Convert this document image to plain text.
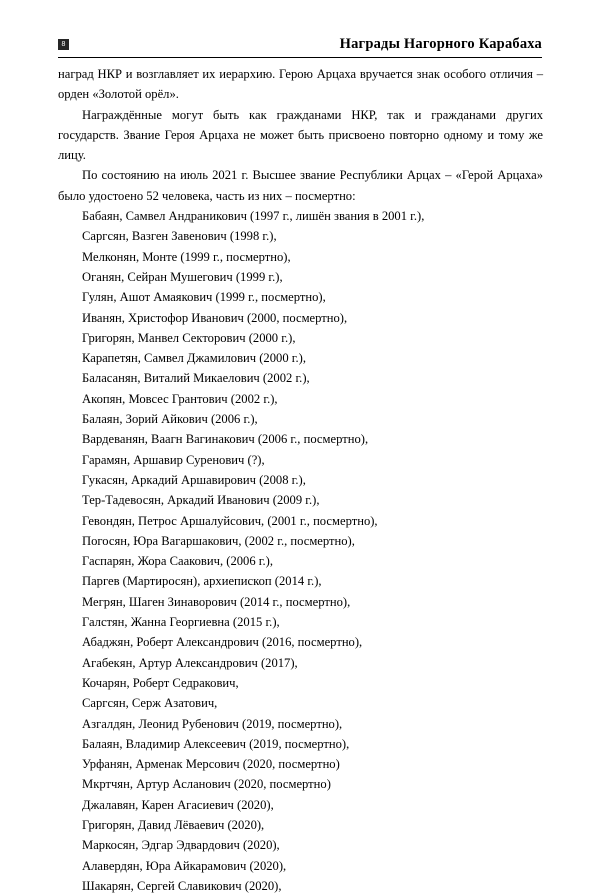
8	Награды Нагорного Карабаха

наград НКР и возглавляет их иерархию. Герою Арцаха вручается знак особого отличия – орден «Золотой орёл».

Награждённые могут быть как гражданами НКР, так и гражданами других государств. Звание Героя Арцаха не может быть присвоено повторно одному и тому же лицу.

По состоянию на июль 2021 г. Высшее звание Республики Арцах – «Герой Арцаха» было удостоено 52 человека, часть из них – посмертно:

Бабаян, Самвел Андраникович (1997 г., лишён звания в 2001 г.),
Саргсян, Вазген Завенович (1998 г.),
Мелконян, Монте (1999 г., посмертно),
Оганян, Сейран Мушегович (1999 г.),
Гулян, Ашот Амаякович (1999 г., посмертно),
Иванян, Христофор Иванович (2000, посмертно),
Григорян, Манвел Секторович (2000 г.),
Карапетян, Самвел Джамилович (2000 г.),
Баласанян, Виталий Микаелович (2002 г.),
Акопян, Мовсес Грантович (2002 г.),
Балаян, Зорий Айкович (2006 г.),
Вардеванян, Ваагн Вагинакович (2006 г., посмертно),
Гарамян, Аршавир Суренович (?),
Гукасян, Аркадий Аршавирович (2008 г.),
Тер-Тадевосян, Аркадий Иванович (2009 г.),
Гевондян, Петрос Аршалуйсович, (2001 г., посмертно),
Погосян, Юра Вагаршакович, (2002 г., посмертно),
Гаспарян, Жора Саакович, (2006 г.),
Паргев (Мартиросян), архиепископ (2014 г.),
Мегрян, Шаген Зинаворович (2014 г., посмертно),
Галстян, Жанна Георгиевна (2015 г.),
Абаджян, Роберт Александрович (2016, посмертно),
Агабекян, Артур Александрович (2017),
Кочарян, Роберт Седракович,
Саргсян, Серж Азатович,
Азгалдян, Леонид Рубенович (2019, посмертно),
Балаян, Владимир Алексеевич (2019, посмертно),
Урфанян, Арменак Мерсович (2020, посмертно)
Мкртчян, Артур Асланович (2020, посмертно)
Джалавян, Карен Агасиевич (2020),
Григорян, Давид Лёваевич (2020),
Маркосян, Эдгар Эдвардович (2020),
Алавердян, Юра Айкарамович (2020),
Шакарян, Сергей Славикович (2020),
